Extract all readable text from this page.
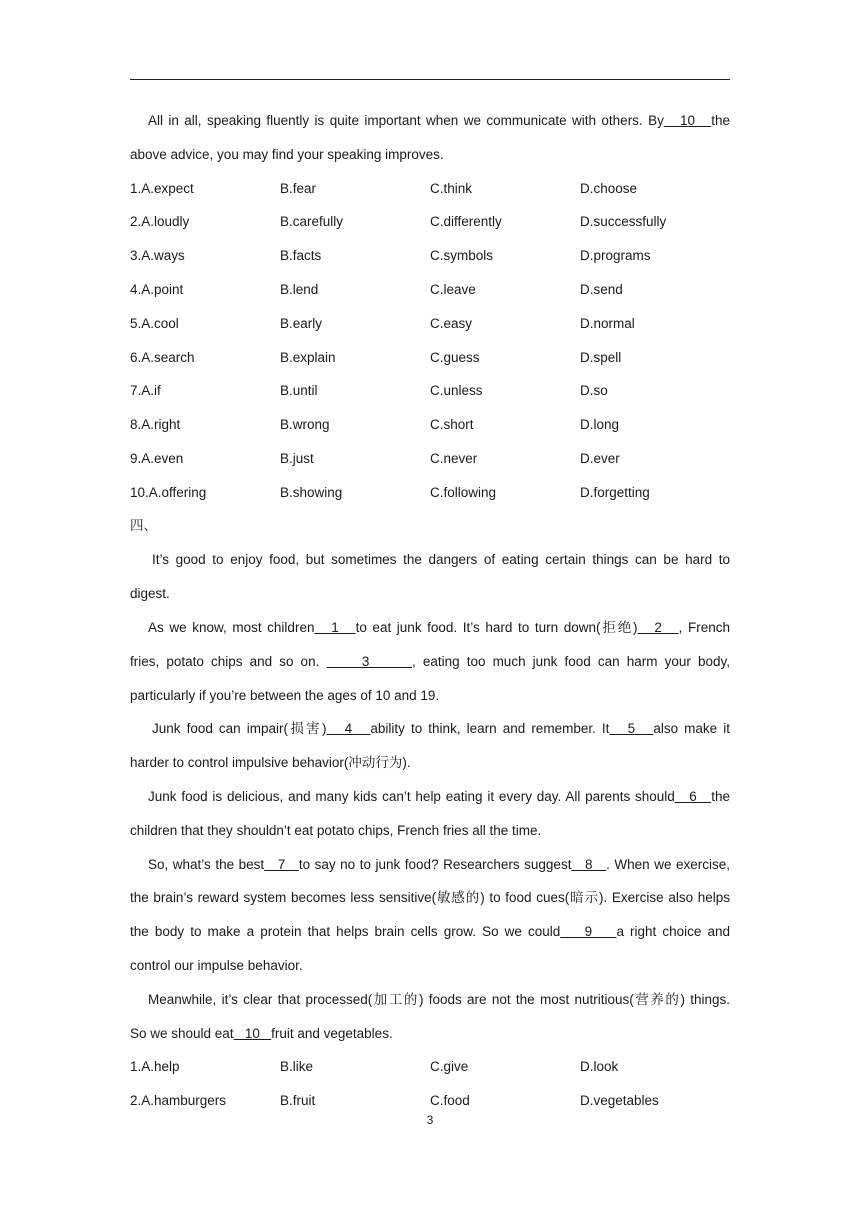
All in all, speaking fluently is quite important when we communicate with others. By   10   the
above advice, you may find your speaking improves.
1.A.expect	B.fear	C.think	D.choose
2.A.loudly	B.carefully	C.differently	D.successfully
3.A.ways	B.facts	C.symbols	D.programs
4.A.point	B.lend	C.leave	D.send
5.A.cool	B.early	C.easy	D.normal
6.A.search	B.explain	C.guess	D.spell
7.A.if	B.until	C.unless	D.so
8.A.right	B.wrong	C.short	D.long
9.A.even	B.just	C.never	D.ever
10.A.offering	B.showing	C.following	D.forgetting
四、
It’s good to enjoy food, but sometimes the dangers of eating certain things can be hard to
digest.
As we know, most children   1   to eat junk food. It’s hard to turn down(拒绝)   2   , French
fries, potato chips and so on.      3      , eating too much junk food can harm your body,
particularly if you’re between the ages of 10 and 19.
Junk food can impair(损害)   4   ability to think, learn and remember. It   5   also make it
harder to control impulsive behavior(冲动行为).
Junk food is delicious, and many kids can’t help eating it every day. All parents should   6   the
children that they shouldn’t eat potato chips, French fries all the time.
So, what’s the best   7   to say no to junk food? Researchers suggest   8   . When we exercise,
the brain’s reward system becomes less sensitive(敏感的) to food cues(暗示). Exercise also helps
the body to make a protein that helps brain cells grow. So we could    9    a right choice and
control our impulse behavior.
Meanwhile, it’s clear that processed(加工的) foods are not the most nutritious(营养的) things.
So we should eat   10   fruit and vegetables.
1.A.help	B.like	C.give	D.look
2.A.hamburgers	B.fruit	C.food	D.vegetables
3
